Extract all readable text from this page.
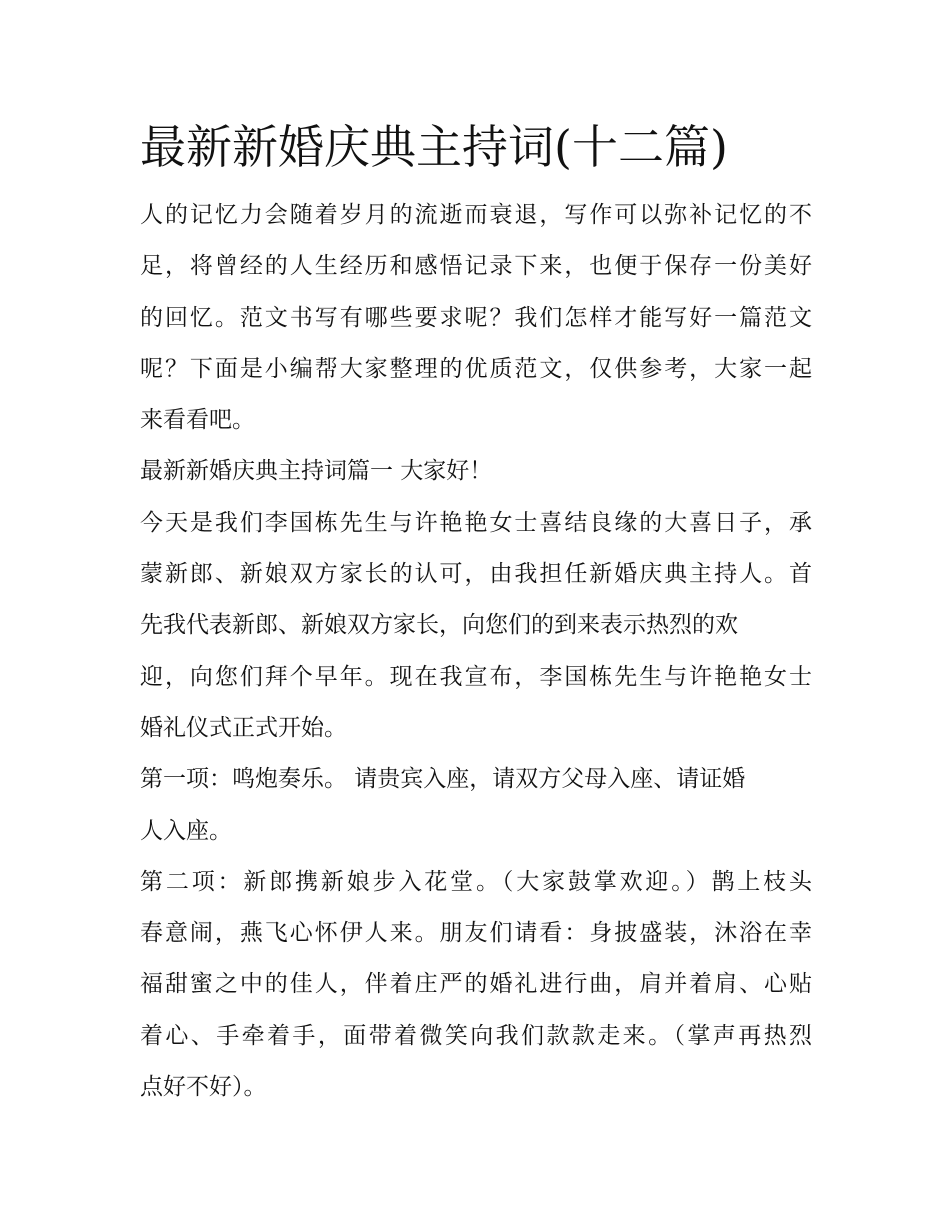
最新新婚庆典主持词(十二篇)
人的记忆力会随着岁月的流逝而衰退，写作可以弥补记忆的不
足，将曾经的人生经历和感悟记录下来，也便于保存一份美好
的回忆。范文书写有哪些要求呢？我们怎样才能写好一篇范文
呢？下面是小编帮大家整理的优质范文，仅供参考，大家一起
来看看吧。
最新新婚庆典主持词篇一 大家好！
今天是我们李国栋先生与许艳艳女士喜结良缘的大喜日子，承
蒙新郎、新娘双方家长的认可，由我担任新婚庆典主持人。首
先我代表新郎、新娘双方家长，向您们的到来表示热烈的欢
迎，向您们拜个早年。现在我宣布，李国栋先生与许艳艳女士
婚礼仪式正式开始。
第一项：鸣炮奏乐。 请贵宾入座，请双方父母入座、请证婚
人入座。
第二项：新郎携新娘步入花堂。（大家鼓掌欢迎。）鹊上枝头
春意闹，燕飞心怀伊人来。朋友们请看：身披盛装，沐浴在幸
福甜蜜之中的佳人，伴着庄严的婚礼进行曲，肩并着肩、心贴
着心、手牵着手，面带着微笑向我们款款走来。（掌声再热烈
点好不好）。
